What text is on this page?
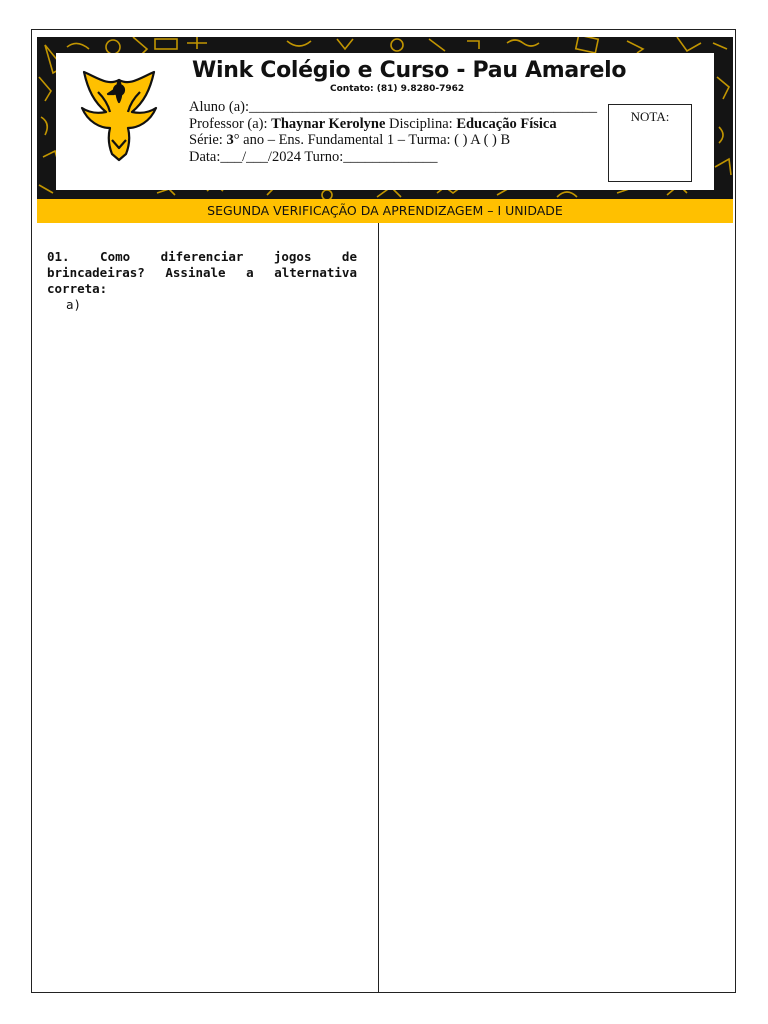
Wink Colégio e Curso - Pau Amarelo
Contato: (81) 9.8280-7962
Aluno (a):________________________________________________
Professor (a): Thaynar Kerolyne Disciplina: Educação Física
Série: 3° ano – Ens. Fundamental 1 – Turma: ( ) A ( ) B
Data:___/___/2024 Turno:_____________
NOTA:
SEGUNDA VERIFICAÇÃO DA APRENDIZAGEM – I UNIDADE
01. Como diferenciar jogos de brincadeiras? Assinale a alternativa correta:
a)
